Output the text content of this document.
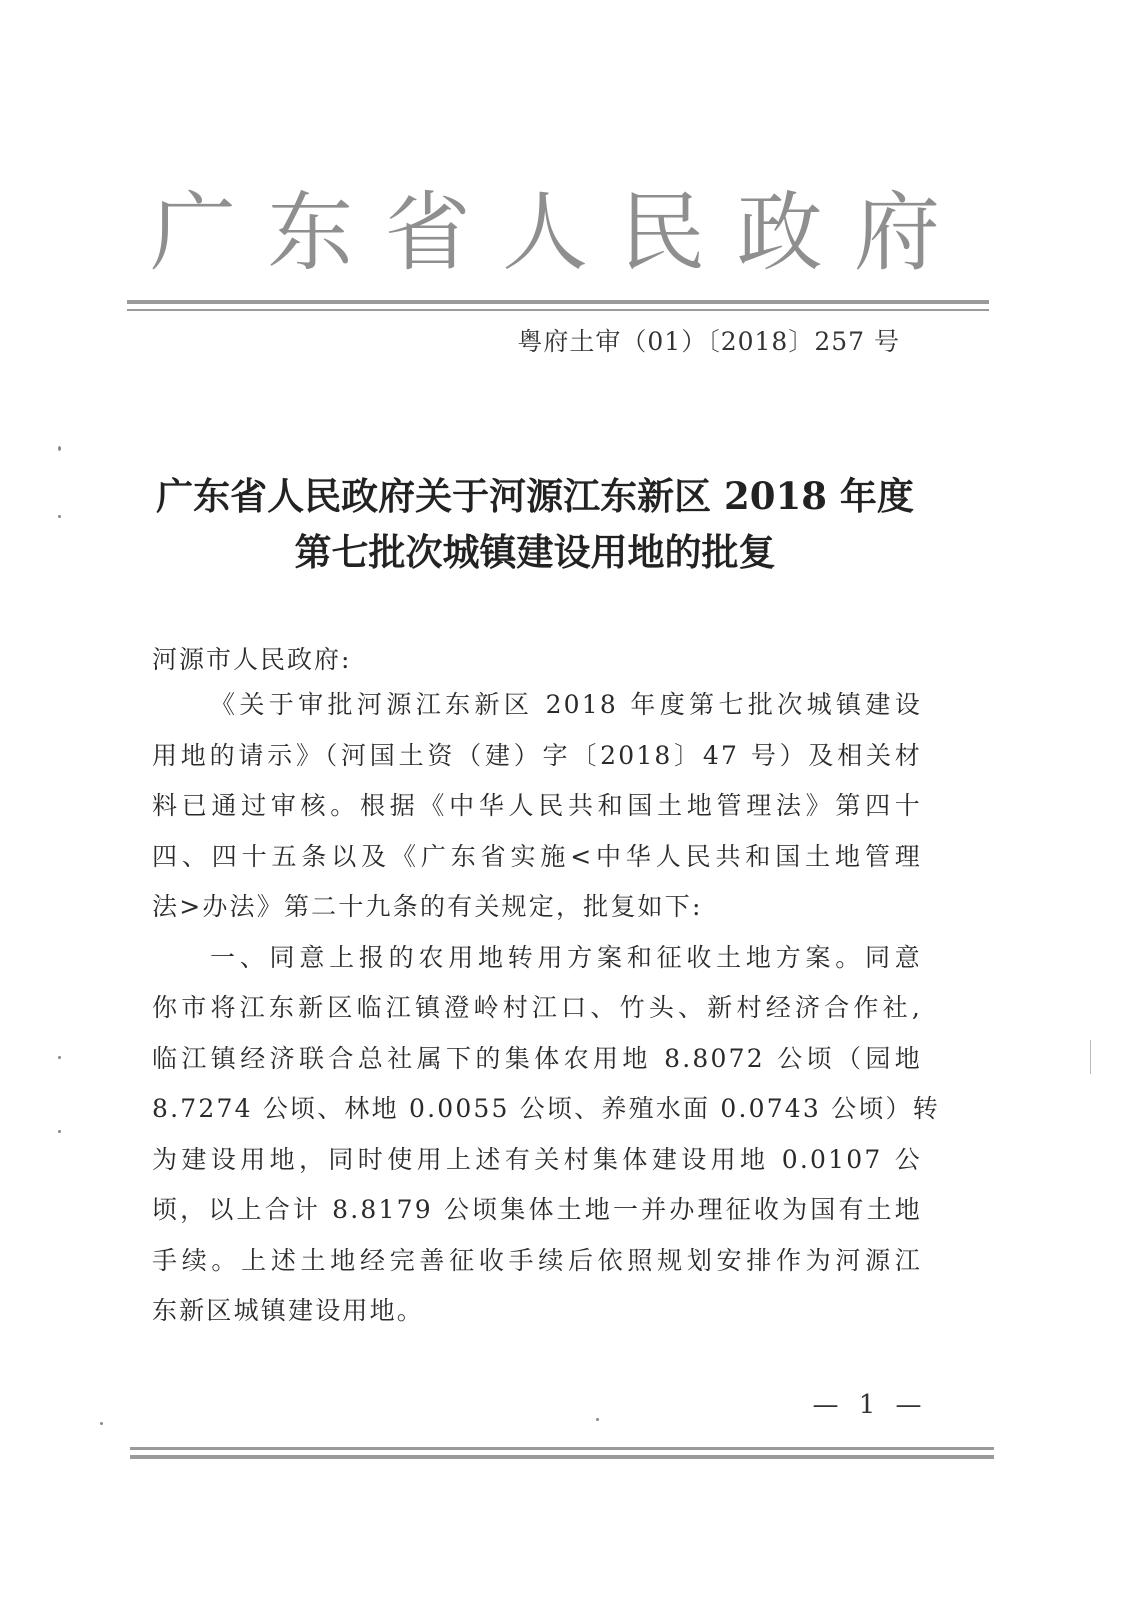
广 东 省 人 民 政 府
粤府土审（01）〔2018〕257 号
广东省人民政府关于河源江东新区 2018 年度
第七批次城镇建设用地的批复
河源市人民政府:
《关于审批河源江东新区 2018 年度第七批次城镇建设
用地的请示》（河国土资（建）字〔2018〕47 号）及相关材
料已通过审核。根据《中华人民共和国土地管理法》第四十
四、四十五条以及《广东省实施<中华人民共和国土地管理
法>办法》第二十九条的有关规定，批复如下:
一、同意上报的农用地转用方案和征收土地方案。同意
你市将江东新区临江镇澄岭村江口、竹头、新村经济合作社,
临江镇经济联合总社属下的集体农用地 8.8072 公顷（园地
8.7274 公顷、林地 0.0055 公顷、养殖水面 0.0743 公顷）转
为建设用地，同时使用上述有关村集体建设用地 0.0107 公
顷，以上合计 8.8179 公顷集体土地一并办理征收为国有土地
手续。上述土地经完善征收手续后依照规划安排作为河源江
东新区城镇建设用地。
— 1 —
